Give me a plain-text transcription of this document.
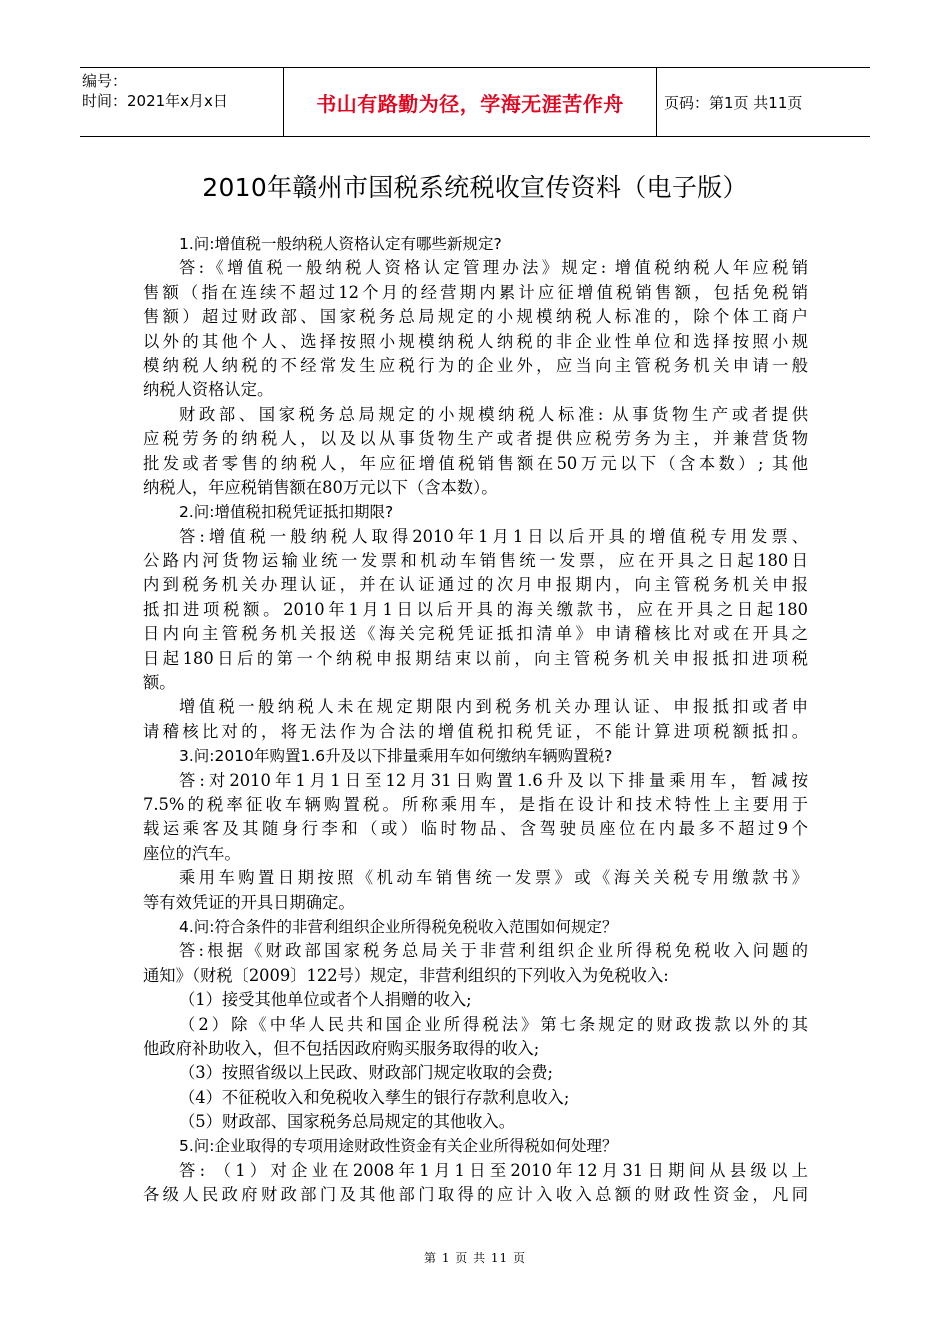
编号：
时间：2021年x月x日	书山有路勤为径，学海无涯苦作舟	页码：第1页 共11页
2010年赣州市国税系统税收宣传资料（电子版）
1.问:增值税一般纳税人资格认定有哪些新规定?
答:《增值税一般纳税人资格认定管理办法》规定: 增值税纳税人年应税销
售额（指在连续不超过12个月的经营期内累计应征增值税销售额，包括免税销
售额）超过财政部、国家税务总局规定的小规模纳税人标准的，除个体工商户
以外的其他个人、选择按照小规模纳税人纳税的非企业性单位和选择按照小规
模纳税人纳税的不经常发生应税行为的企业外，应当向主管税务机关申请一般
纳税人资格认定。
财政部、国家税务总局规定的小规模纳税人标准: 从事货物生产或者提供
应税劳务的纳税人，以及以从事货物生产或者提供应税劳务为主，并兼营货物
批发或者零售的纳税人，年应征增值税销售额在50万元以下（含本数）; 其他
纳税人，年应税销售额在80万元以下（含本数）。
2.问:增值税扣税凭证抵扣期限?
答:增值税一般纳税人取得2010年1月1日以后开具的增值税专用发票、
公路内河货物运输业统一发票和机动车销售统一发票，应在开具之日起180日
内到税务机关办理认证，并在认证通过的次月申报期内，向主管税务机关申报
抵扣进项税额。2010年1月1日以后开具的海关缴款书，应在开具之日起180
日内向主管税务机关报送《海关完税凭证抵扣清单》申请稽核比对或在开具之
日起180日后的第一个纳税申报期结束以前，向主管税务机关申报抵扣进项税
额。
增值税一般纳税人未在规定期限内到税务机关办理认证、申报抵扣或者申
请稽核比对的，将无法作为合法的增值税扣税凭证，不能计算进项税额抵扣。
3.问:2010年购置1.6升及以下排量乘用车如何缴纳车辆购置税?
答:对2010年1月1日至12月31日购置1.6升及以下排量乘用车，暂减按
7.5%的税率征收车辆购置税。所称乘用车，是指在设计和技术特性上主要用于
载运乘客及其随身行李和（或）临时物品、含驾驶员座位在内最多不超过9个
座位的汽车。
乘用车购置日期按照《机动车销售统一发票》或《海关关税专用缴款书》
等有效凭证的开具日期确定。
4.问:符合条件的非营利组织企业所得税免税收入范围如何规定？
答:根据《财政部国家税务总局关于非营利组织企业所得税免税收入问题的
通知》（财税〔2009〕122号）规定，非营利组织的下列收入为免税收入:
（1）接受其他单位或者个人捐赠的收入;
（2）除《中华人民共和国企业所得税法》第七条规定的财政拨款以外的其
他政府补助收入，但不包括因政府购买服务取得的收入;
（3）按照省级以上民政、财政部门规定收取的会费;
（4）不征税收入和免税收入孳生的银行存款利息收入;
（5）财政部、国家税务总局规定的其他收入。
5.问:企业取得的专项用途财政性资金有关企业所得税如何处理？
答: （1）对企业在2008年1月1日至2010年12月31日期间从县级以上
各级人民政府财政部门及其他部门取得的应计入收入总额的财政性资金，凡同
第 1 页 共 11 页
